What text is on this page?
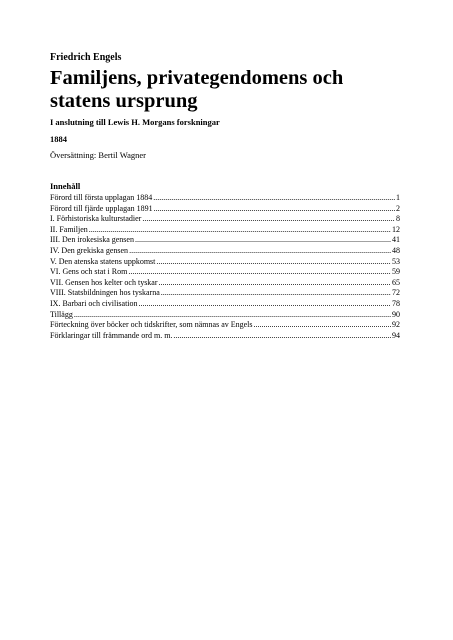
Friedrich Engels
Familjens, privategendomens och statens ursprung
I anslutning till Lewis H. Morgans forskningar
1884
Översättning: Bertil Wagner
Innehåll
Förord till första upplagan 1884 .....	1
Förord till fjärde upplagan 1891 .....	2
I. Förhistoriska kulturstadier .....	8
II. Familjen .....	12
III. Den irokesiska gensen .....	41
IV. Den grekiska gensen .....	48
V. Den atenska statens uppkomst .....	53
VI. Gens och stat i Rom .....	59
VII. Gensen hos kelter och tyskar .....	65
VIII. Statsbildningen hos tyskarna .....	72
IX. Barbari och civilisation .....	78
Tillägg .....	90
Förteckning över böcker och tidskrifter, som nämnas av Engels .....	92
Förklaringar till främmande ord m. m. .....	94
